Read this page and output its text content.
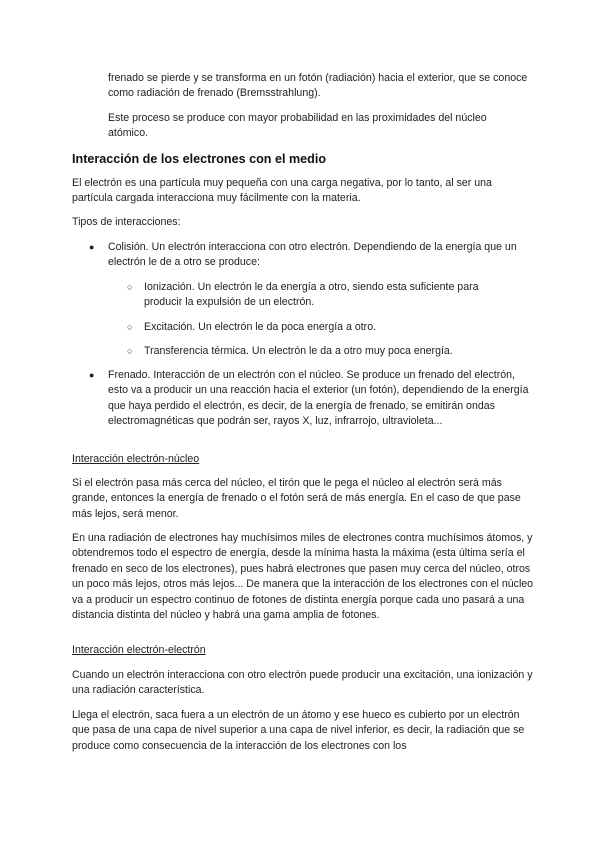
frenado se pierde y se transforma en un fotón (radiación) hacia el exterior, que se conoce como radiación de frenado (Bremsstrahlung).

Este proceso se produce con mayor probabilidad en las proximidades del núcleo atómico.

Interacción de los electrones con el medio

El electrón es una partícula muy pequeña con una carga negativa, por lo tanto, al ser una partícula cargada interacciona muy fácilmente con la materia.

Tipos de interacciones:

● Colisión. Un electrón interacciona con otro electrón. Dependiendo de la energía que un electrón le de a otro se produce:

○ Ionización. Un electrón le da energía a otro, siendo esta suficiente para producir la expulsión de un electrón.

○ Excitación. Un electrón le da poca energía a otro.

○ Transferencia térmica. Un electrón le da a otro muy poca energía.

● Frenado. Interacción de un electrón con el núcleo. Se produce un frenado del electrón, esto va a producir un una reacción hacia el exterior (un fotón), dependiendo de la energía que haya perdido el electrón, es decir, de la energía de frenado, se emitirán ondas electromagnéticas que podrán ser, rayos X, luz, infrarrojo, ultravioleta...

Interacción electrón-núcleo

Si el electrón pasa más cerca del núcleo, el tirón que le pega el núcleo al electrón será más grande, entonces la energía de frenado o el fotón será de más energía. En el caso de que pase más lejos, será menor.

En una radiación de electrones hay muchísimos miles de electrones contra muchísimos átomos, y obtendremos todo el espectro de energía, desde la mínima hasta la máxima (esta última sería el frenado en seco de los electrones), pues habrá electrones que pasen muy cerca del núcleo, otros un poco más lejos, otros más lejos... De manera que la interacción de los electrones con el núcleo va a producir un espectro continuo de fotones de distinta energía porque cada uno pasará a una distancia distinta del núcleo y habrá una gama amplia de fotones.

Interacción electrón-electrón

Cuando un electrón interacciona con otro electrón puede producir una excitación, una ionización y una radiación característica.

Llega el electrón, saca fuera a un electrón de un átomo y ese hueco es cubierto por un electrón que pasa de una capa de nivel superior a una capa de nivel inferior, es decir, la radiación que se produce como consecuencia de la interacción de los electrones con los
